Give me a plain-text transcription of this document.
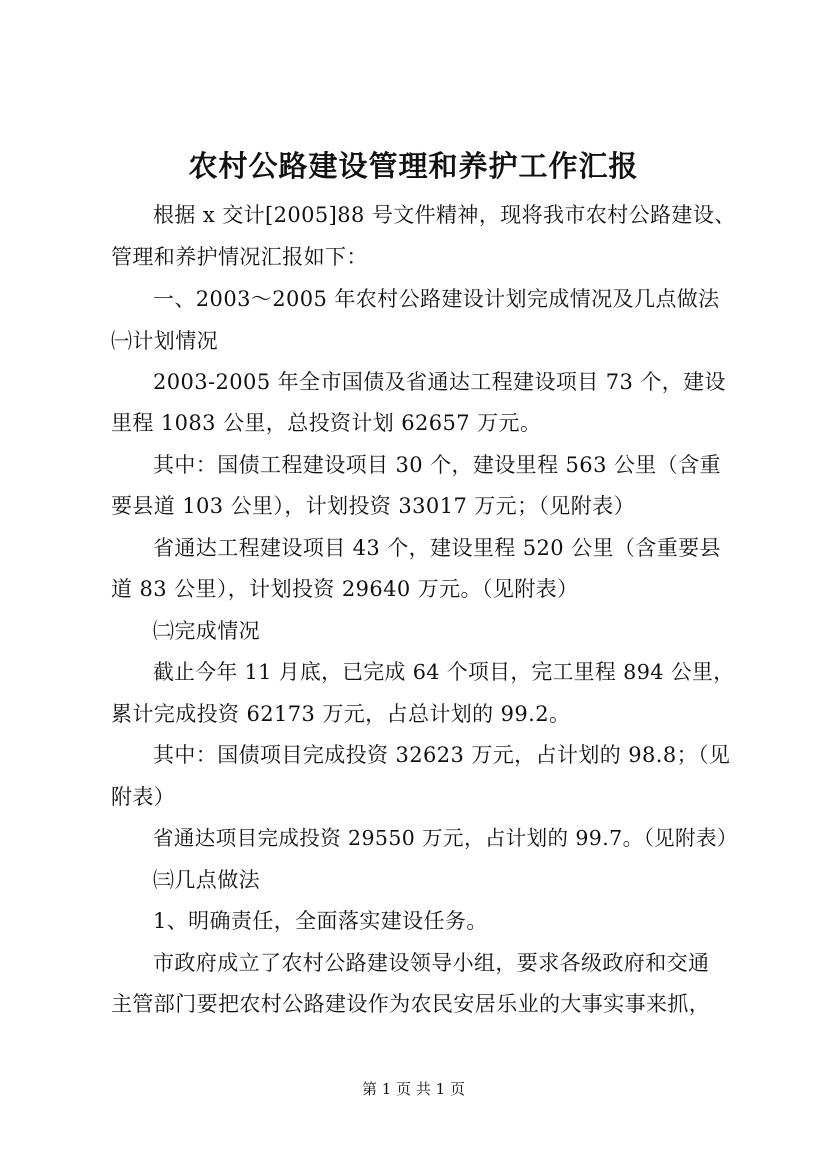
农村公路建设管理和养护工作汇报
根据 x 交计[2005]88 号文件精神，现将我市农村公路建设、
管理和养护情况汇报如下：
一、2003～2005 年农村公路建设计划完成情况及几点做法
㈠计划情况
2003-2005 年全市国债及省通达工程建设项目 73 个，建设
里程 1083 公里，总投资计划 62657 万元。
其中：国债工程建设项目 30 个，建设里程 563 公里（含重
要县道 103 公里），计划投资 33017 万元；（见附表）
省通达工程建设项目 43 个，建设里程 520 公里（含重要县
道 83 公里），计划投资 29640 万元。（见附表）
㈡完成情况
截止今年 11 月底，已完成 64 个项目，完工里程 894 公里，
累计完成投资 62173 万元，占总计划的 99.2。
其中：国债项目完成投资 32623 万元，占计划的 98.8；（见
附表）
省通达项目完成投资 29550 万元，占计划的 99.7。（见附表）
㈢几点做法
1、明确责任，全面落实建设任务。
市政府成立了农村公路建设领导小组，要求各级政府和交通
主管部门要把农村公路建设作为农民安居乐业的大事实事来抓，
第 1 页 共 1 页
